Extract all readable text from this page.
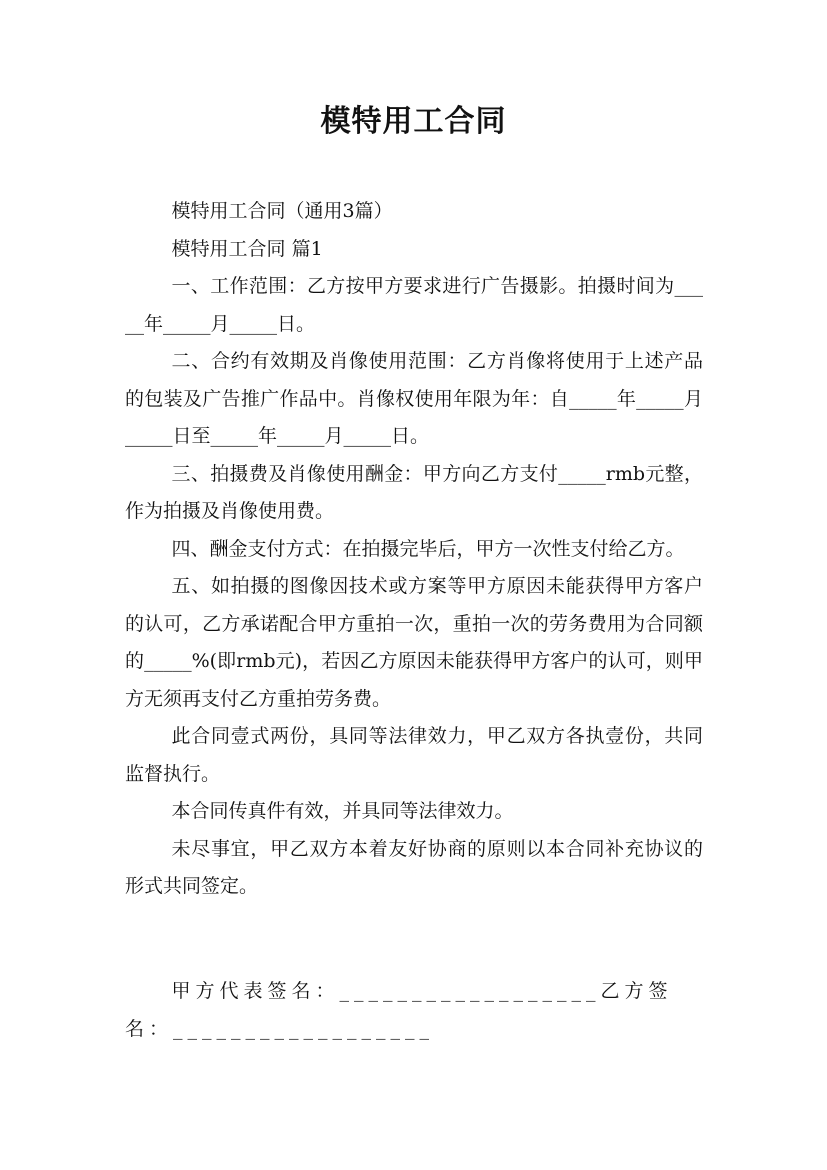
模特用工合同

模特用工合同（通用3篇）

模特用工合同 篇1

一、工作范围：乙方按甲方要求进行广告摄影。拍摄时间为_____年_____月_____日。

二、合约有效期及肖像使用范围：乙方肖像将使用于上述产品的包装及广告推广作品中。肖像权使用年限为年：自_____年_____月_____日至_____年_____月_____日。

三、拍摄费及肖像使用酬金：甲方向乙方支付_____rmb元整，作为拍摄及肖像使用费。

四、酬金支付方式：在拍摄完毕后，甲方一次性支付给乙方。

五、如拍摄的图像因技术或方案等甲方原因未能获得甲方客户的认可，乙方承诺配合甲方重拍一次，重拍一次的劳务费用为合同额的_____%(即rmb元)，若因乙方原因未能获得甲方客户的认可，则甲方无须再支付乙方重拍劳务费。

此合同壹式两份，具同等法律效力，甲乙双方各执壹份，共同监督执行。

本合同传真件有效，并具同等法律效力。

未尽事宜，甲乙双方本着友好协商的原则以本合同补充协议的形式共同签定。

甲方代表签名：__________________乙方签名：__________________
